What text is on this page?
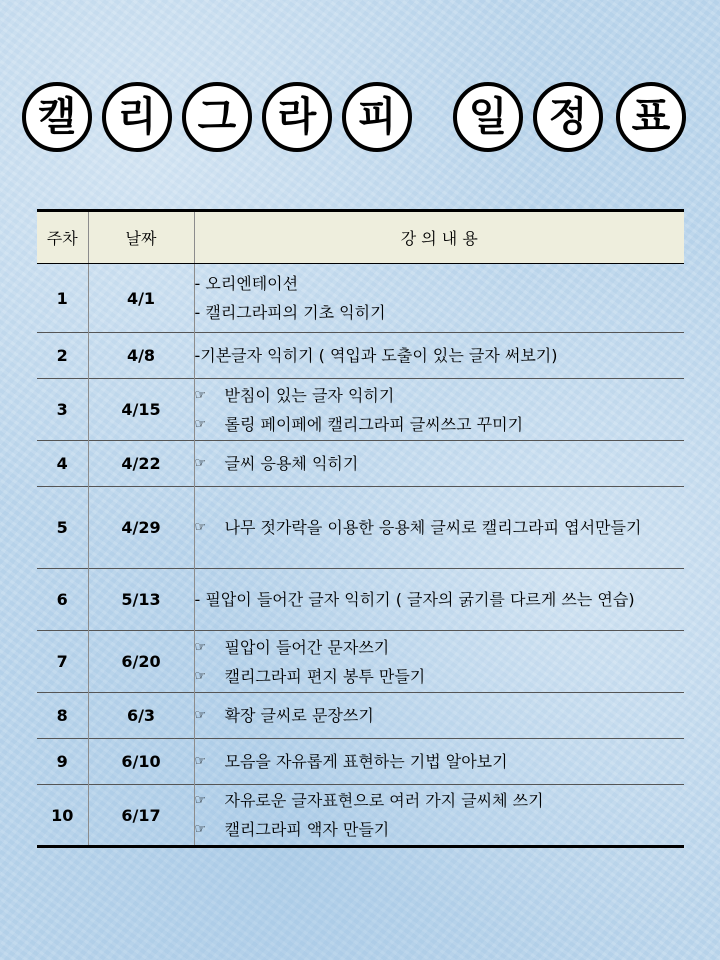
캘	리	그	라	피	일	정	표
주차	날짜	강 의 내 용
1	4/1	- 오리엔테이션
- 캘리그라피의 기초 익히기

2	4/8	-기본글자 익히기 ( 역입과 도출이 있는 글자 써보기)

3	4/15	☞ 받침이 있는 글자 익히기
☞ 롤링 페이페에 캘리그라피 글씨쓰고 꾸미기

4	4/22	☞ 글씨 응용체 익히기

5	4/29	☞ 나무 젓가락을 이용한 응용체 글씨로 캘리그라피 엽서만들기

6	5/13	- 필압이 들어간 글자 익히기 ( 글자의 굵기를 다르게 쓰는 연습)

7	6/20	☞ 필압이 들어간 문자쓰기
☞ 캘리그라피 편지 봉투 만들기

8	6/3	☞ 확장 글씨로 문장쓰기

9	6/10	☞ 모음을 자유롭게 표현하는 기법 알아보기

10	6/17	☞ 자유로운 글자표현으로 여러 가지 글씨체 쓰기
☞ 캘리그라피 액자 만들기
